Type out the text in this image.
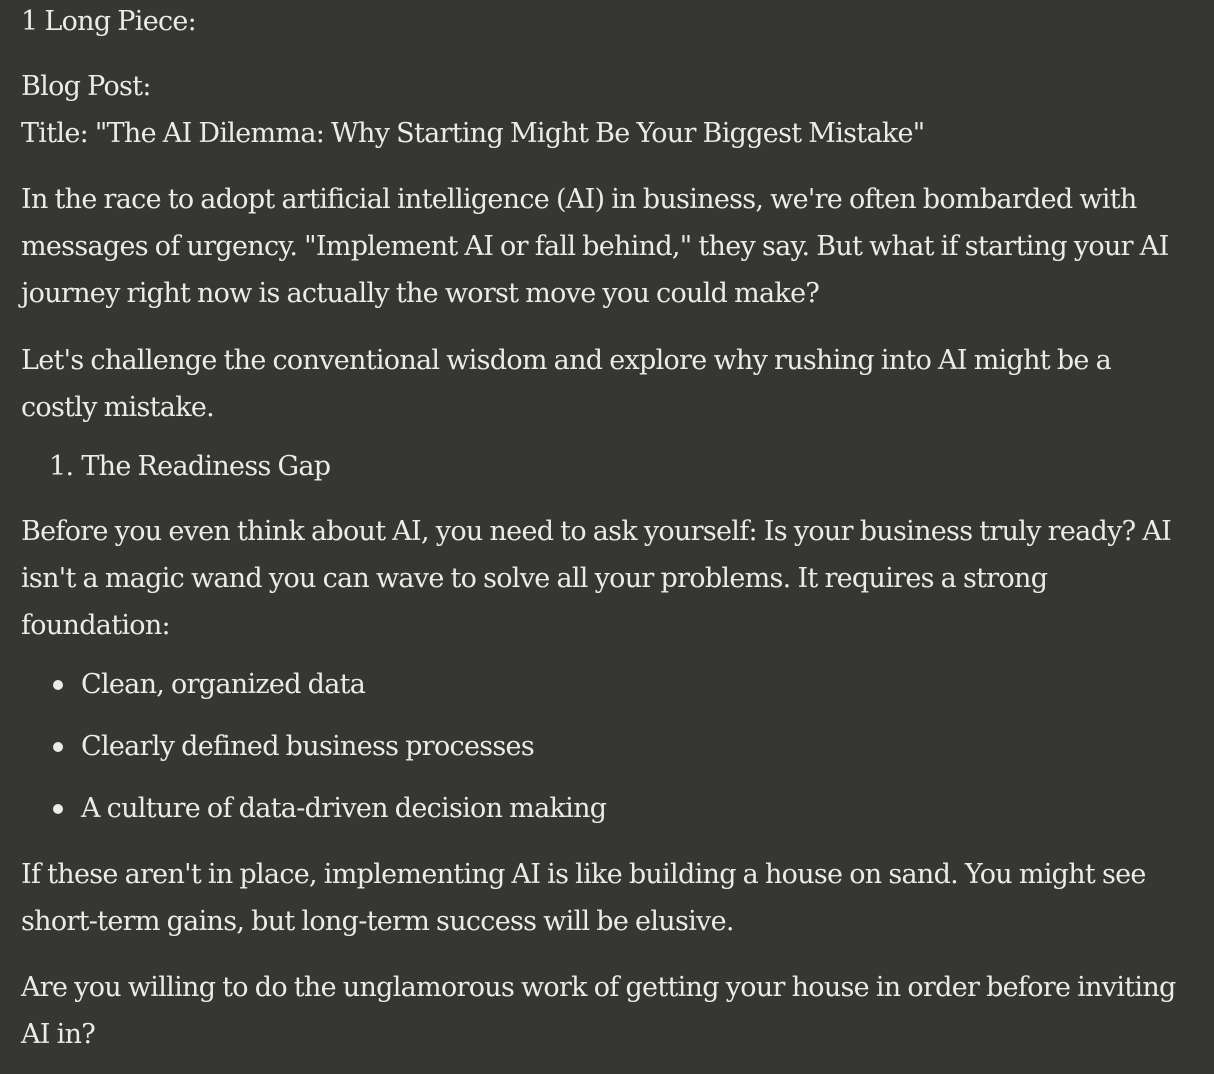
1 Long Piece:

Blog Post:

Title: "The AI Dilemma: Why Starting Might Be Your Biggest Mistake"

In the race to adopt artificial intelligence (AI) in business, we're often bombarded with

messages of urgency. "Implement AI or fall behind," they say. But what if starting your AI

journey right now is actually the worst move you could make?

Let's challenge the conventional wisdom and explore why rushing into AI might be a

costly mistake.

1. The Readiness Gap

Before you even think about AI, you need to ask yourself: Is your business truly ready? AI

isn't a magic wand you can wave to solve all your problems. It requires a strong

foundation:

Clean, organized data
Clearly defined business processes
A culture of data-driven decision making

If these aren't in place, implementing AI is like building a house on sand. You might see

short-term gains, but long-term success will be elusive.

Are you willing to do the unglamorous work of getting your house in order before inviting

AI in?
